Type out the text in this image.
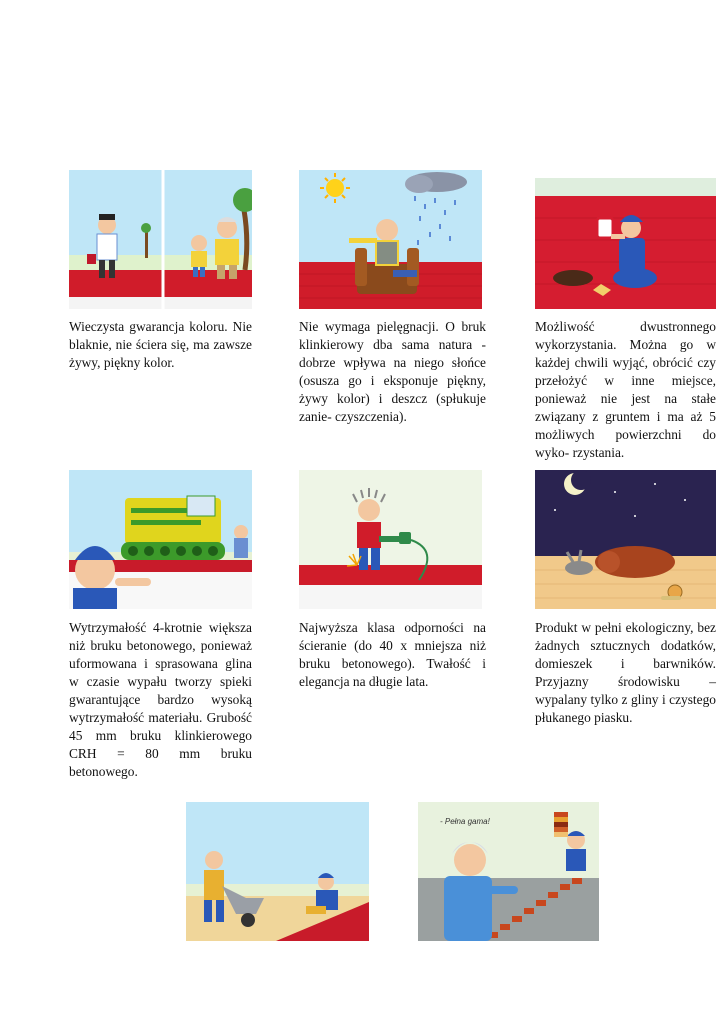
Wieczysta gwarancja koloru. Nie blaknie, nie ściera się, ma zawsze żywy, piękny kolor.

Nie wymaga pielęgnacji. O bruk klinkierowy dba sama natura - dobrze wpływa na niego słońce (osusza go i eksponuje piękny, żywy kolor) i deszcz (spłukuje zanie- czyszczenia).

Możliwość dwustronnego wykorzystania. Można go w każdej chwili wyjąć, obrócić czy przełożyć w inne miejsce, ponieważ nie jest na stałe związany z gruntem i ma aż 5 możliwych powierzchni do wyko- rzystania.

Wytrzymałość 4-krotnie większa niż bruku betonowego, ponieważ uformowana i sprasowana glina w czasie wypału tworzy spieki gwarantujące bardzo wysoką wytrzymałość materiału. Grubość 45 mm bruku klinkierowego CRH = 80 mm bruku betonowego.

Najwyższa klasa odporności na ścieranie (do 40 x mniejsza niż bruku betonowego). Twałość i elegancja na długie lata.

Produkt w pełni ekologiczny, bez żadnych sztucznych dodatków, domieszek i barwników. Przyjazny środowisku – wypalany tylko z gliny i czystego płukanego piasku.

- Pełna gama!
